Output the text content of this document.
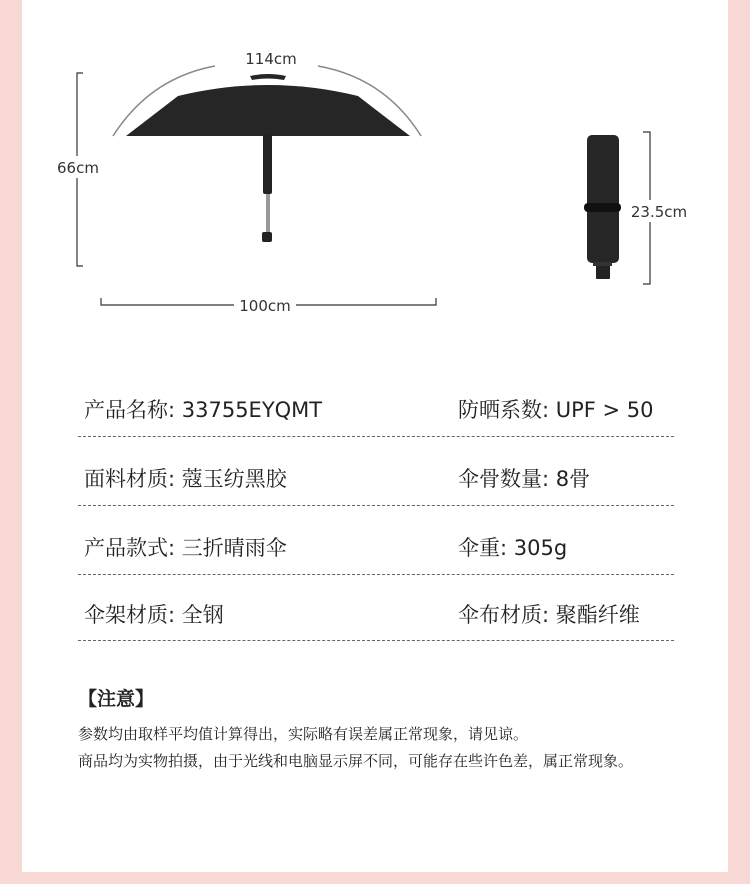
114cm
66cm
100cm
23.5cm
产品名称: 33755EYQMT	防晒系数: UPF > 50
面料材质: 蔻玉纺黑胶	伞骨数量: 8骨
产品款式: 三折晴雨伞	伞重: 305g
伞架材质: 全钢	伞布材质: 聚酯纤维
【注意】
参数均由取样平均值计算得出，实际略有误差属正常现象，请见谅。
商品均为实物拍摄，由于光线和电脑显示屏不同，可能存在些许色差，属正常现象。
